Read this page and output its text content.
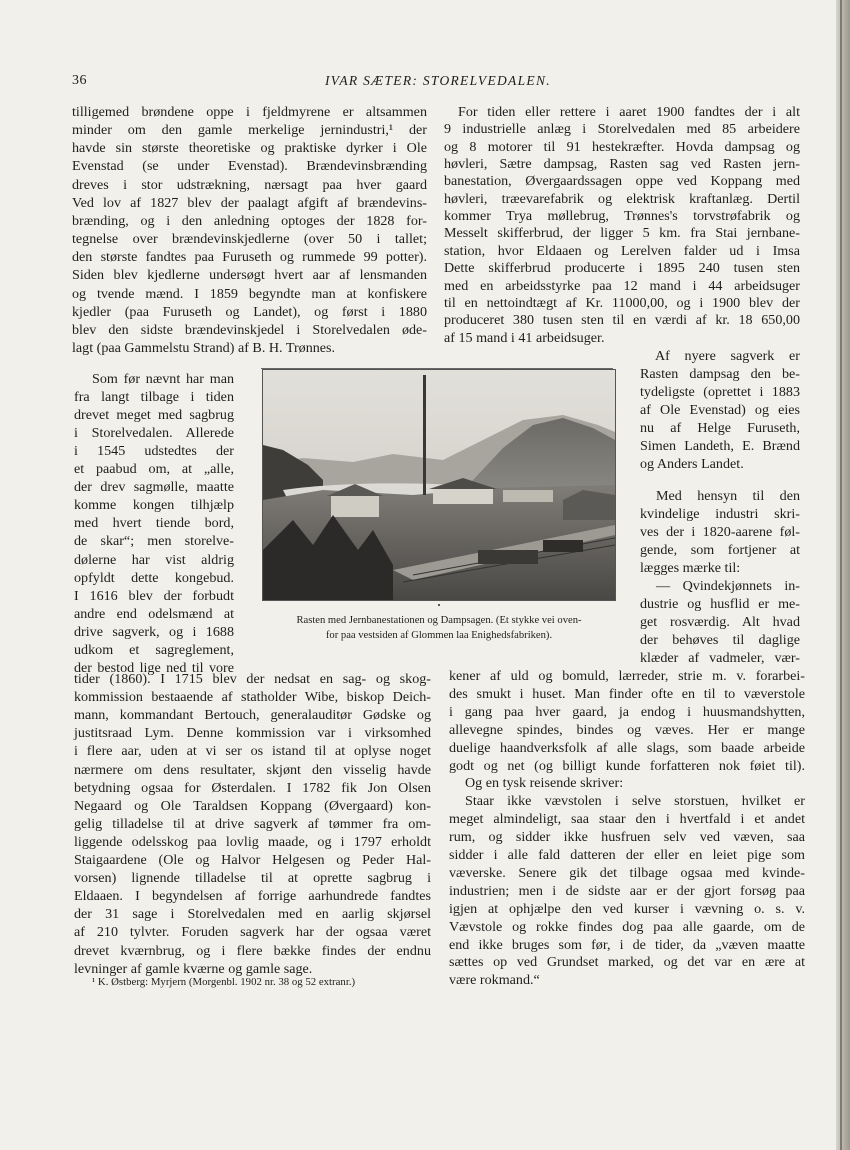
36	IVAR SÆTER: STORELVEDALEN.
tilligemed brøndene oppe i fjeldmyrene er altsammen
minder om den gamle merkelige jernindustri,¹ der
havde sin største theoretiske og praktiske dyrker i Ole
Evenstad (se under Evenstad). Brændevinsbrænding
dreves i stor udstrækning, nærsagt paa hver gaard
Ved lov af 1827 blev der paalagt afgift af brændevins-
brænding, og i den anledning optoges der 1828 for-
tegnelse over brændevinskjedlerne (over 50 i tallet;
den største fandtes paa Furuseth og rummede 99 potter).
Siden blev kjedlerne undersøgt hvert aar af lensmanden
og tvende mænd. I 1859 begyndte man at konfiskere
kjedler (paa Furuseth og Landet), og først i 1880
blev den sidste brændevinskjedel i Storelvedalen øde-
lagt (paa Gammelstu Strand) af B. H. Trønnes.
Som før nævnt har man
fra langt tilbage i tiden
drevet meget med sagbrug
i Storelvedalen. Allerede
i 1545 udstedtes der
et paabud om, at „alle,
der drev sagmølle, maatte
komme kongen tilhjælp
med hvert tiende bord,
de skar“; men storelve-
dølerne har vist aldrig
opfyldt dette kongebud.
I 1616 blev der forbudt
andre end odelsmænd at
drive sagverk, og i 1688
udkom et sagreglement,
der bestod lige ned til vore
tider (1860). I 1715 blev der nedsat en sag- og skog-
kommission bestaaende af statholder Wibe, biskop Deich-
mann, kommandant Bertouch, generalauditør Gødske og
justitsraad Lym. Denne kommission var i virksomhed
i flere aar, uden at vi ser os istand til at oplyse noget
nærmere om dens resultater, skjønt den visselig havde
betydning ogsaa for Østerdalen. I 1782 fik Jon Olsen
Negaard og Ole Taraldsen Koppang (Øvergaard) kon-
gelig tilladelse til at drive sagverk af tømmer fra om-
liggende odelsskog paa lovlig maade, og i 1797 erholdt
Staigaardene (Ole og Halvor Helgesen og Peder Hal-
vorsen) lignende tilladelse til at oprette sagbrug i
Eldaaen. I begyndelsen af forrige aarhundrede fandtes
der 31 sage i Storelvedalen med en aarlig skjørsel
af 210 tylvter. Foruden sagverk har der ogsaa været
drevet kværnbrug, og i flere bække findes der endnu
levninger af gamle kværne og gamle sage.
For tiden eller rettere i aaret 1900 fandtes der i alt
9 industrielle anlæg i Storelvedalen med 85 arbeidere
og 8 motorer til 91 hestekræfter. Hovda dampsag og
høvleri, Sætre dampsag, Rasten sag ved Rasten jern-
banestation, Øvergaardssagen oppe ved Koppang med
høvleri, træevarefabrik og elektrisk kraftanlæg. Dertil
kommer Trya møllebrug, Trønnes's torvstrøfabrik og
Messelt skifferbrud, der ligger 5 km. fra Stai jernbane-
station, hvor Eldaaen og Lerelven falder ud i Imsa
Dette skifferbrud producerte i 1895 240 tusen sten
med en arbeidsstyrke paa 12 mand i 44 arbeidsuger
til en nettoindtægt af Kr. 11000,00, og i 1900 blev der
produceret 380 tusen sten til en værdi af kr. 18 650,00
af 15 mand i 41 arbeidsuger.
Af nyere sagverk er
Rasten dampsag den be-
tydeligste (oprettet i 1883
af Ole Evenstad) og eies
nu af Helge Furuseth,
Simen Landeth, E. Brænd
og Anders Landet.
Med hensyn til den
kvindelige industri skri-
ves der i 1820-aarene føl-
gende, som fortjener at
lægges mærke til:
— Qvindekjønnets in-
dustrie og husflid er me-
get rosværdig. Alt hvad
der behøves til daglige
klæder af vadmeler, vær-
kener af uld og bomuld, lærreder, strie m. v. forarbei-
des smukt i huset. Man finder ofte en til to væverstole
i gang paa hver gaard, ja endog i huusmandshytten,
allevegne spindes, bindes og væves. Her er mange
duelige haandverksfolk af alle slags, som baade arbeide
godt og net (og billigt kunde forfatteren nok føiet til).
Og en tysk reisende skriver:
Staar ikke vævstolen i selve storstuen, hvilket er
meget almindeligt, saa staar den i hvertfald i et andet
rum, og sidder ikke husfruen selv ved væven, saa
sidder i alle fald datteren der eller en leiet pige som
væverske. Senere gik det tilbage ogsaa med kvinde-
industrien; men i de sidste aar er der gjort forsøg paa
igjen at ophjælpe den ved kurser i vævning o. s. v.
Vævstole og rokke findes dog paa alle gaarde, om de
end ikke bruges som før, i de tider, da „væven maatte
sættes op ved Grundset marked, og det var en ære at
være rokmand.“
Rasten med Jernbanestationen og Dampsagen. (Et stykke vei oven-
for paa vestsiden af Glommen laa Enighedsfabriken).
¹ K. Østberg: Myrjern (Morgenbl. 1902 nr. 38 og 52 extranr.)
